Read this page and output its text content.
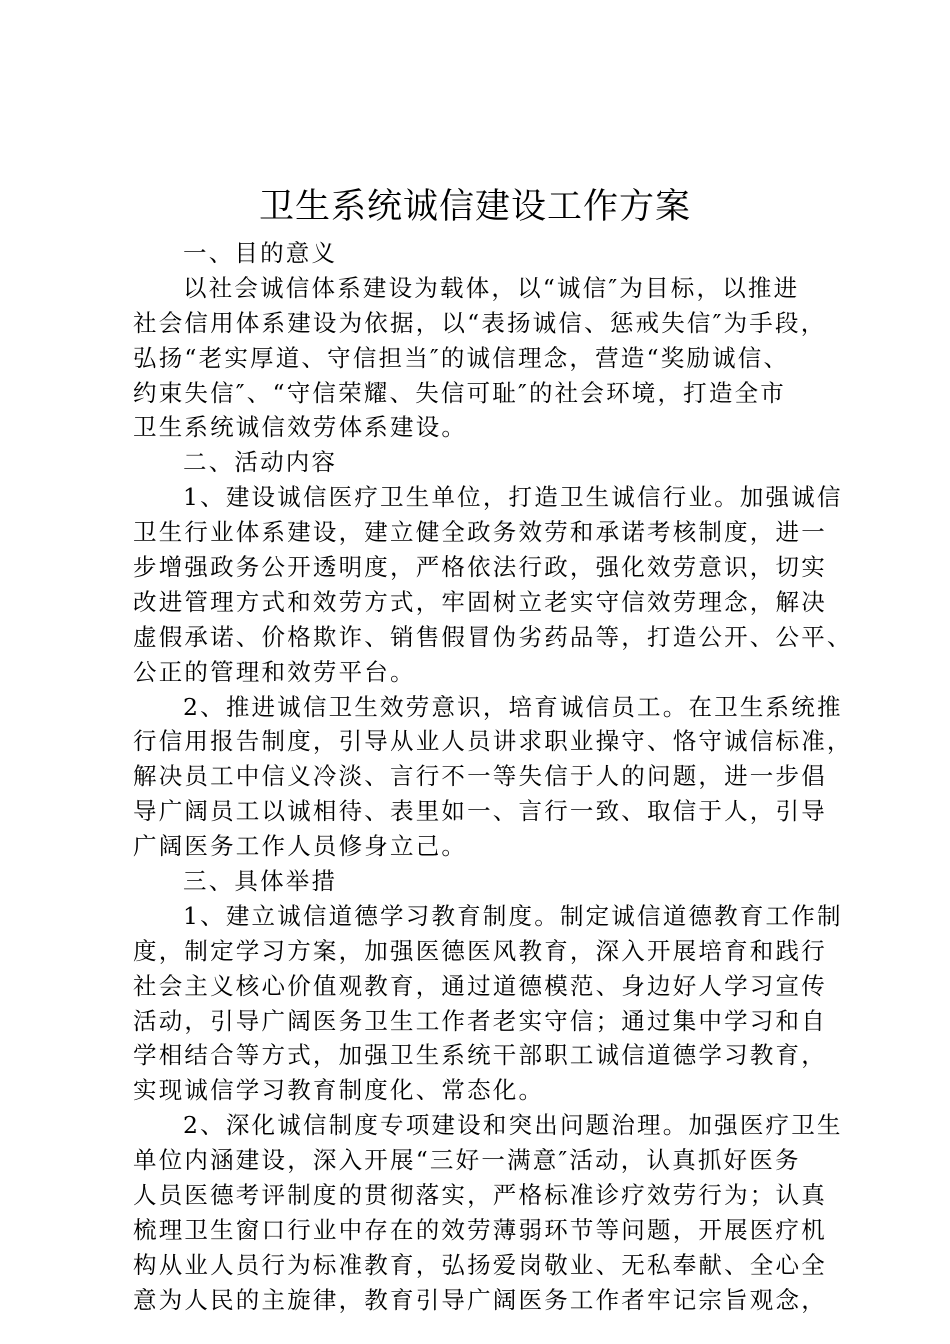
卫生系统诚信建设工作方案
一、目的意义
以社会诚信体系建设为载体，以“诚信″为目标，以推进
社会信用体系建设为依据，以“表扬诚信、惩戒失信″为手段，
弘扬“老实厚道、守信担当″的诚信理念，营造“奖励诚信、
约束失信″、“守信荣耀、失信可耻″的社会环境，打造全市
卫生系统诚信效劳体系建设。
二、活动内容
1、建设诚信医疗卫生单位，打造卫生诚信行业。加强诚信
卫生行业体系建设，建立健全政务效劳和承诺考核制度，进一
步增强政务公开透明度，严格依法行政，强化效劳意识，切实
改进管理方式和效劳方式，牢固树立老实守信效劳理念，解决
虚假承诺、价格欺诈、销售假冒伪劣药品等，打造公开、公平、
公正的管理和效劳平台。
2、推进诚信卫生效劳意识，培育诚信员工。在卫生系统推
行信用报告制度，引导从业人员讲求职业操守、恪守诚信标准，
解决员工中信义冷淡、言行不一等失信于人的问题，进一步倡
导广阔员工以诚相待、表里如一、言行一致、取信于人，引导
广阔医务工作人员修身立己。
三、具体举措
1、建立诚信道德学习教育制度。制定诚信道德教育工作制
度，制定学习方案，加强医德医风教育，深入开展培育和践行
社会主义核心价值观教育，通过道德模范、身边好人学习宣传
活动，引导广阔医务卫生工作者老实守信；通过集中学习和自
学相结合等方式，加强卫生系统干部职工诚信道德学习教育，
实现诚信学习教育制度化、常态化。
2、深化诚信制度专项建设和突出问题治理。加强医疗卫生
单位内涵建设，深入开展“三好一满意″活动，认真抓好医务
人员医德考评制度的贯彻落实，严格标准诊疗效劳行为；认真
梳理卫生窗口行业中存在的效劳薄弱环节等问题，开展医疗机
构从业人员行为标准教育，弘扬爱岗敬业、无私奉献、全心全
意为人民的主旋律，教育引导广阔医务工作者牢记宗旨观念，
